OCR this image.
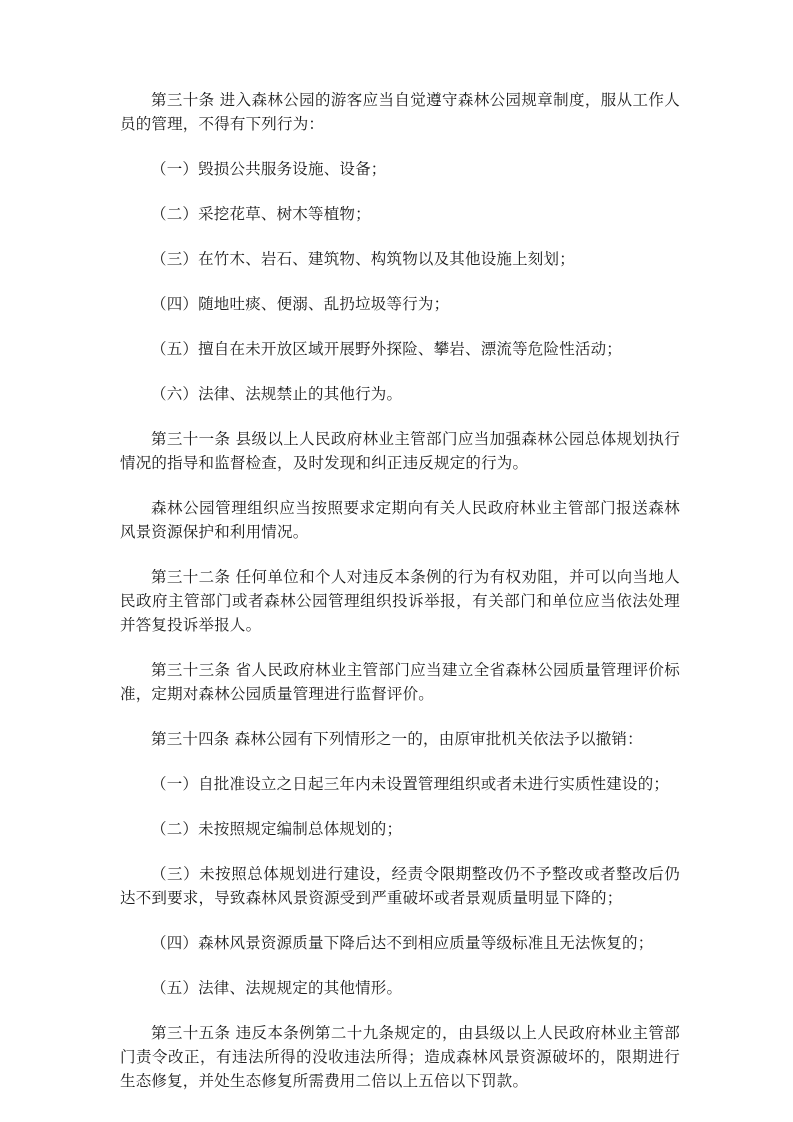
第三十条 进入森林公园的游客应当自觉遵守森林公园规章制度，服从工作人员的管理，不得有下列行为：

（一）毁损公共服务设施、设备；

（二）采挖花草、树木等植物；

（三）在竹木、岩石、建筑物、构筑物以及其他设施上刻划；

（四）随地吐痰、便溺、乱扔垃圾等行为；

（五）擅自在未开放区域开展野外探险、攀岩、漂流等危险性活动；

（六）法律、法规禁止的其他行为。

第三十一条 县级以上人民政府林业主管部门应当加强森林公园总体规划执行情况的指导和监督检查，及时发现和纠正违反规定的行为。

森林公园管理组织应当按照要求定期向有关人民政府林业主管部门报送森林风景资源保护和利用情况。

第三十二条 任何单位和个人对违反本条例的行为有权劝阻，并可以向当地人民政府主管部门或者森林公园管理组织投诉举报，有关部门和单位应当依法处理并答复投诉举报人。

第三十三条 省人民政府林业主管部门应当建立全省森林公园质量管理评价标准，定期对森林公园质量管理进行监督评价。

第三十四条 森林公园有下列情形之一的，由原审批机关依法予以撤销：

（一）自批准设立之日起三年内未设置管理组织或者未进行实质性建设的；

（二）未按照规定编制总体规划的；

（三）未按照总体规划进行建设，经责令限期整改仍不予整改或者整改后仍达不到要求，导致森林风景资源受到严重破坏或者景观质量明显下降的；

（四）森林风景资源质量下降后达不到相应质量等级标准且无法恢复的；

（五）法律、法规规定的其他情形。

第三十五条 违反本条例第二十九条规定的，由县级以上人民政府林业主管部门责令改正，有违法所得的没收违法所得；造成森林风景资源破坏的，限期进行生态修复，并处生态修复所需费用二倍以上五倍以下罚款。
